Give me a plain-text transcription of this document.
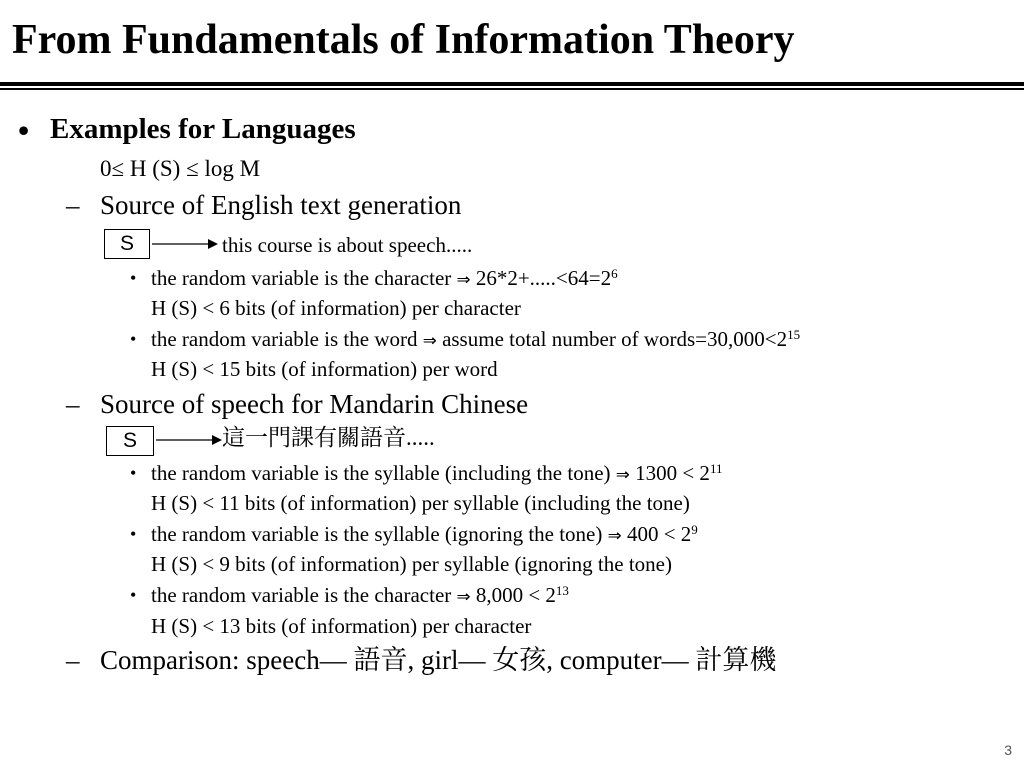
From Fundamentals of Information Theory
• Examples for Languages
0≤ H (S) ≤ log M
– Source of English text generation
S	this course is about speech.....
• the random variable is the character ⇒ $26*2+.....<64=2^6$
H (S) < 6 bits (of information) per character
• the random variable is the word ⇒ assume total number of $words=30,000<2^{15}$
H (S) < 15 bits (of information) per word
– Source of speech for Mandarin Chinese
S	這一門課有關語音.....
• the random variable is the syllable (including the tone) ⇒ $1300 < 2^{11}$
H (S) < 11 bits (of information) per syllable (including the tone)
• the random variable is the syllable (ignoring the tone) ⇒ $400 < 2^9$
H (S) < 9 bits (of information) per syllable (ignoring the tone)
• the random variable is the character ⇒ $8,000 < 2^{13}$
H (S) < 13 bits (of information) per character
– Comparison: speech— 語音, girl— 女孩, computer— 計算機
3
